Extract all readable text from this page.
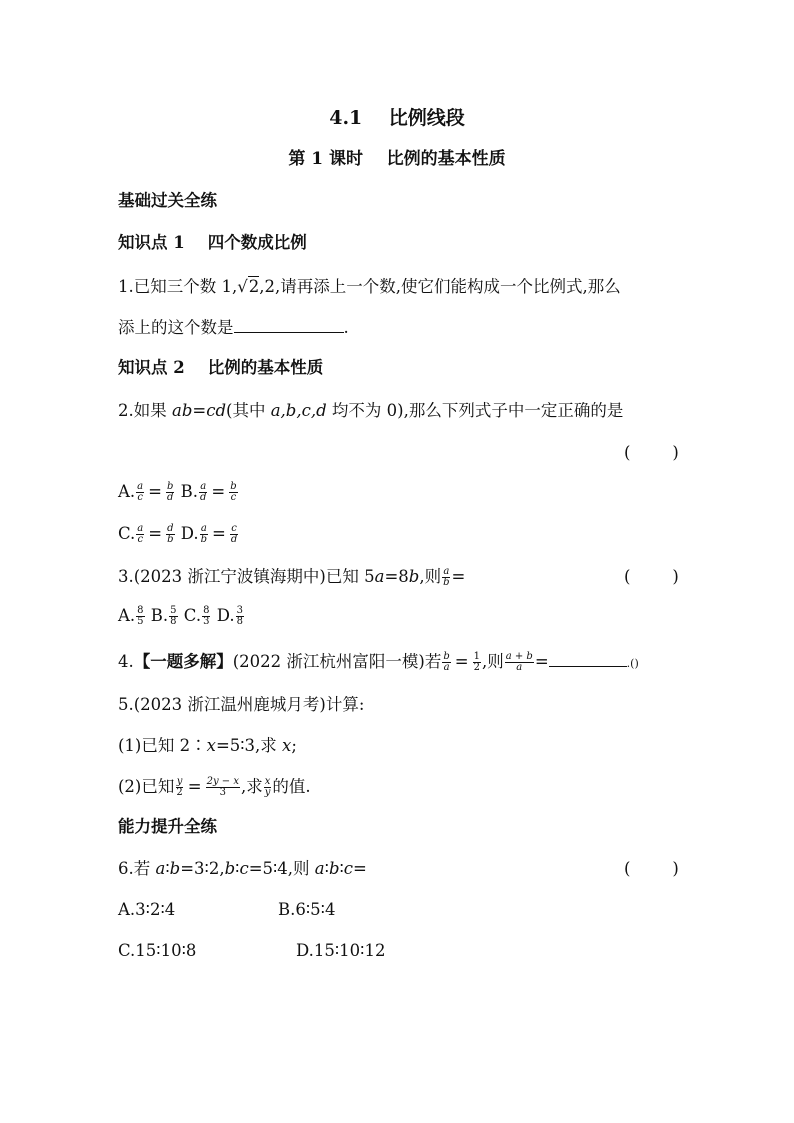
4.1 比例线段
第 1 课时 比例的基本性质
基础过关全练
知识点 1 四个数成比例
1.已知三个数 1,√2,2,请再添上一个数,使它们能构成一个比例式,那么
添上的这个数是	.
知识点 2 比例的基本性质
2.如果 ab=cd(其中 a,b,c,d 均不为 0),那么下列式子中一定正确的是
(        )
A. $\frac{a}{c} = \frac{b}{d} B$. $\frac{a}{d} = \frac{b}{c}$
C. $\frac{a}{c} = \frac{d}{b} D$. $\frac{a}{b} = \frac{c}{d}$
3.(2023 浙江宁波镇海期中)已知 5a=8b,则 $\frac{a}{b}$ =	(        )
A. $\frac{8}{5} B$. $\frac{5}{8} C$. $\frac{8}{3} D$. $\frac{3}{8}$
4.【一题多解】(2022 浙江杭州富阳一模)若 $\frac{b}{a} = \frac{1}{2}$ ,则 $\frac{a + b}{a}$ =	.()
5.(2023 浙江温州鹿城月考)计算:
(1)已知 2∶x=5∶3,求 x;
(2)已知 $\frac{y}{2} = \frac{2y - x}{3}$ ,求 $\frac{x}{y}$ 的值.
能力提升全练
6.若 a∶b=3∶2,b∶c=5∶4,则 a∶b∶c=	(        )
A.3∶2∶4	B.6∶5∶4
C.15∶10∶8	D.15∶10∶12
